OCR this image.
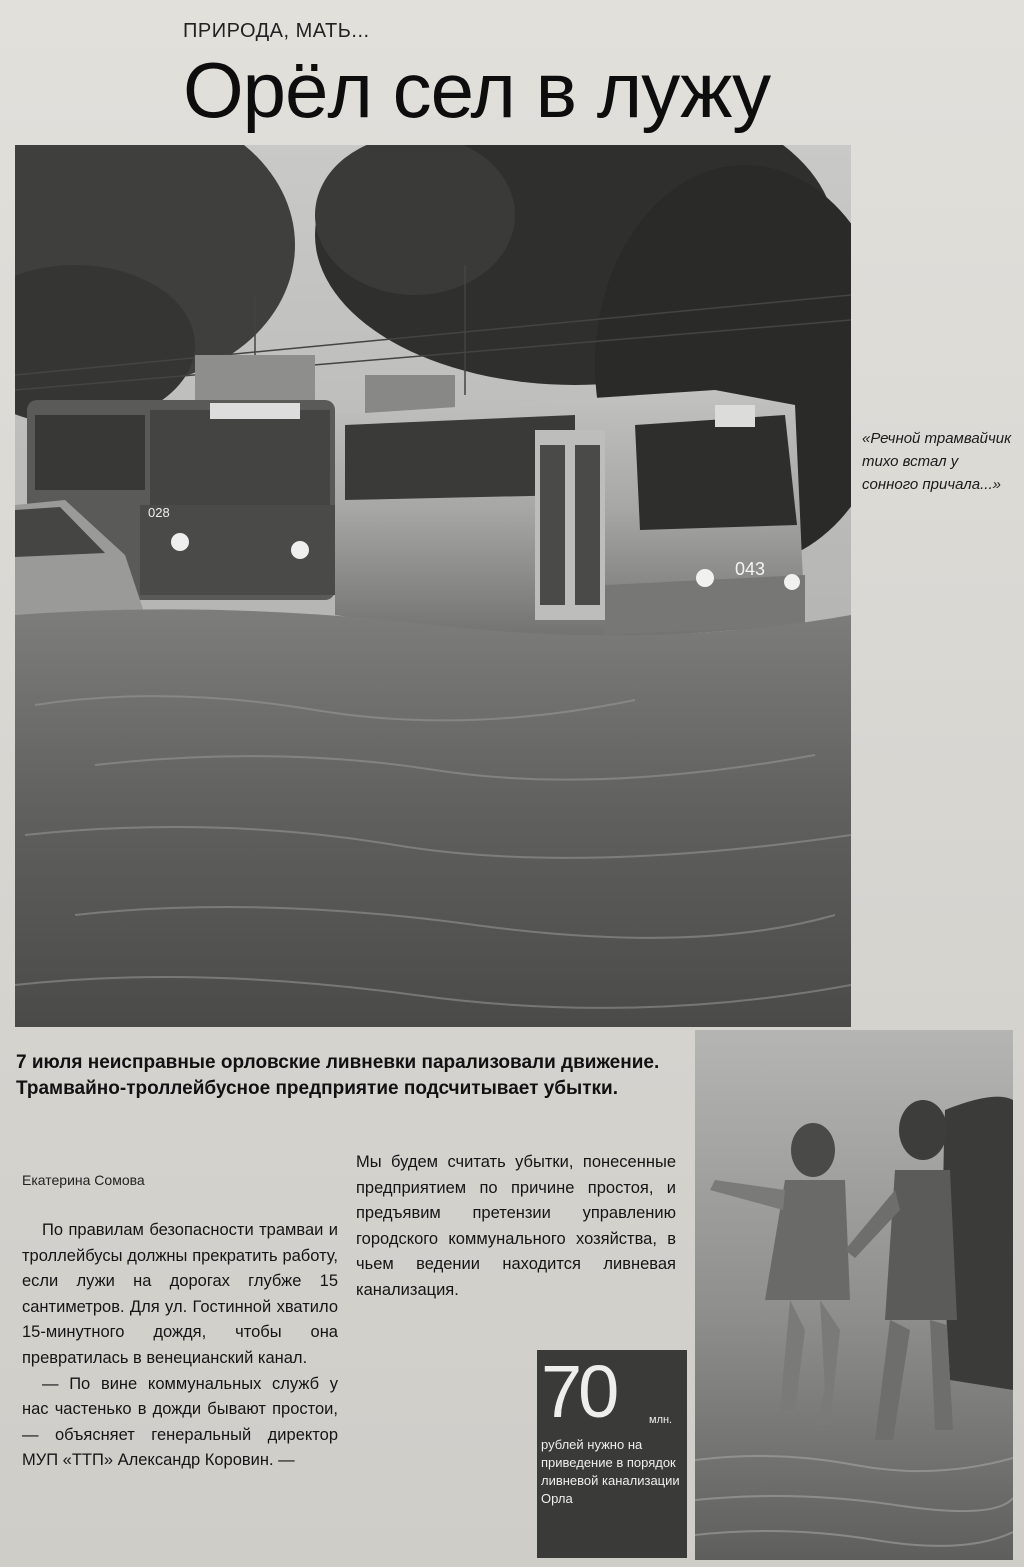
ПРИРОДА, МАТЬ...
Орёл сел в лужу
028
043
«Речной трамвайчик тихо встал у сонного причала...»
7 июля неисправные орловские ливневки парализовали движение. Трамвайно-троллейбусное предприятие подсчитывает убытки.
Екатерина Сомова

По правилам безопасности трамваи и троллейбусы должны прекратить работу, если лужи на дорогах глубже 15 сантиметров. Для ул. Гостинной хватило 15-минутного дождя, чтобы она превратилась в венецианский канал.

— По вине коммунальных служб у нас частенько в дожди бывают простои, — объясняет генеральный директор МУП «ТТП» Александр Коровин. —

Мы будем считать убытки, понесенные предприятием по причине простоя, и предъявим претензии управлению городского коммунального хозяйства, в чьем ведении находится ливневая канализация.

70	млн.
рублей нужно на приведение в порядок ливневой канализации Орла
